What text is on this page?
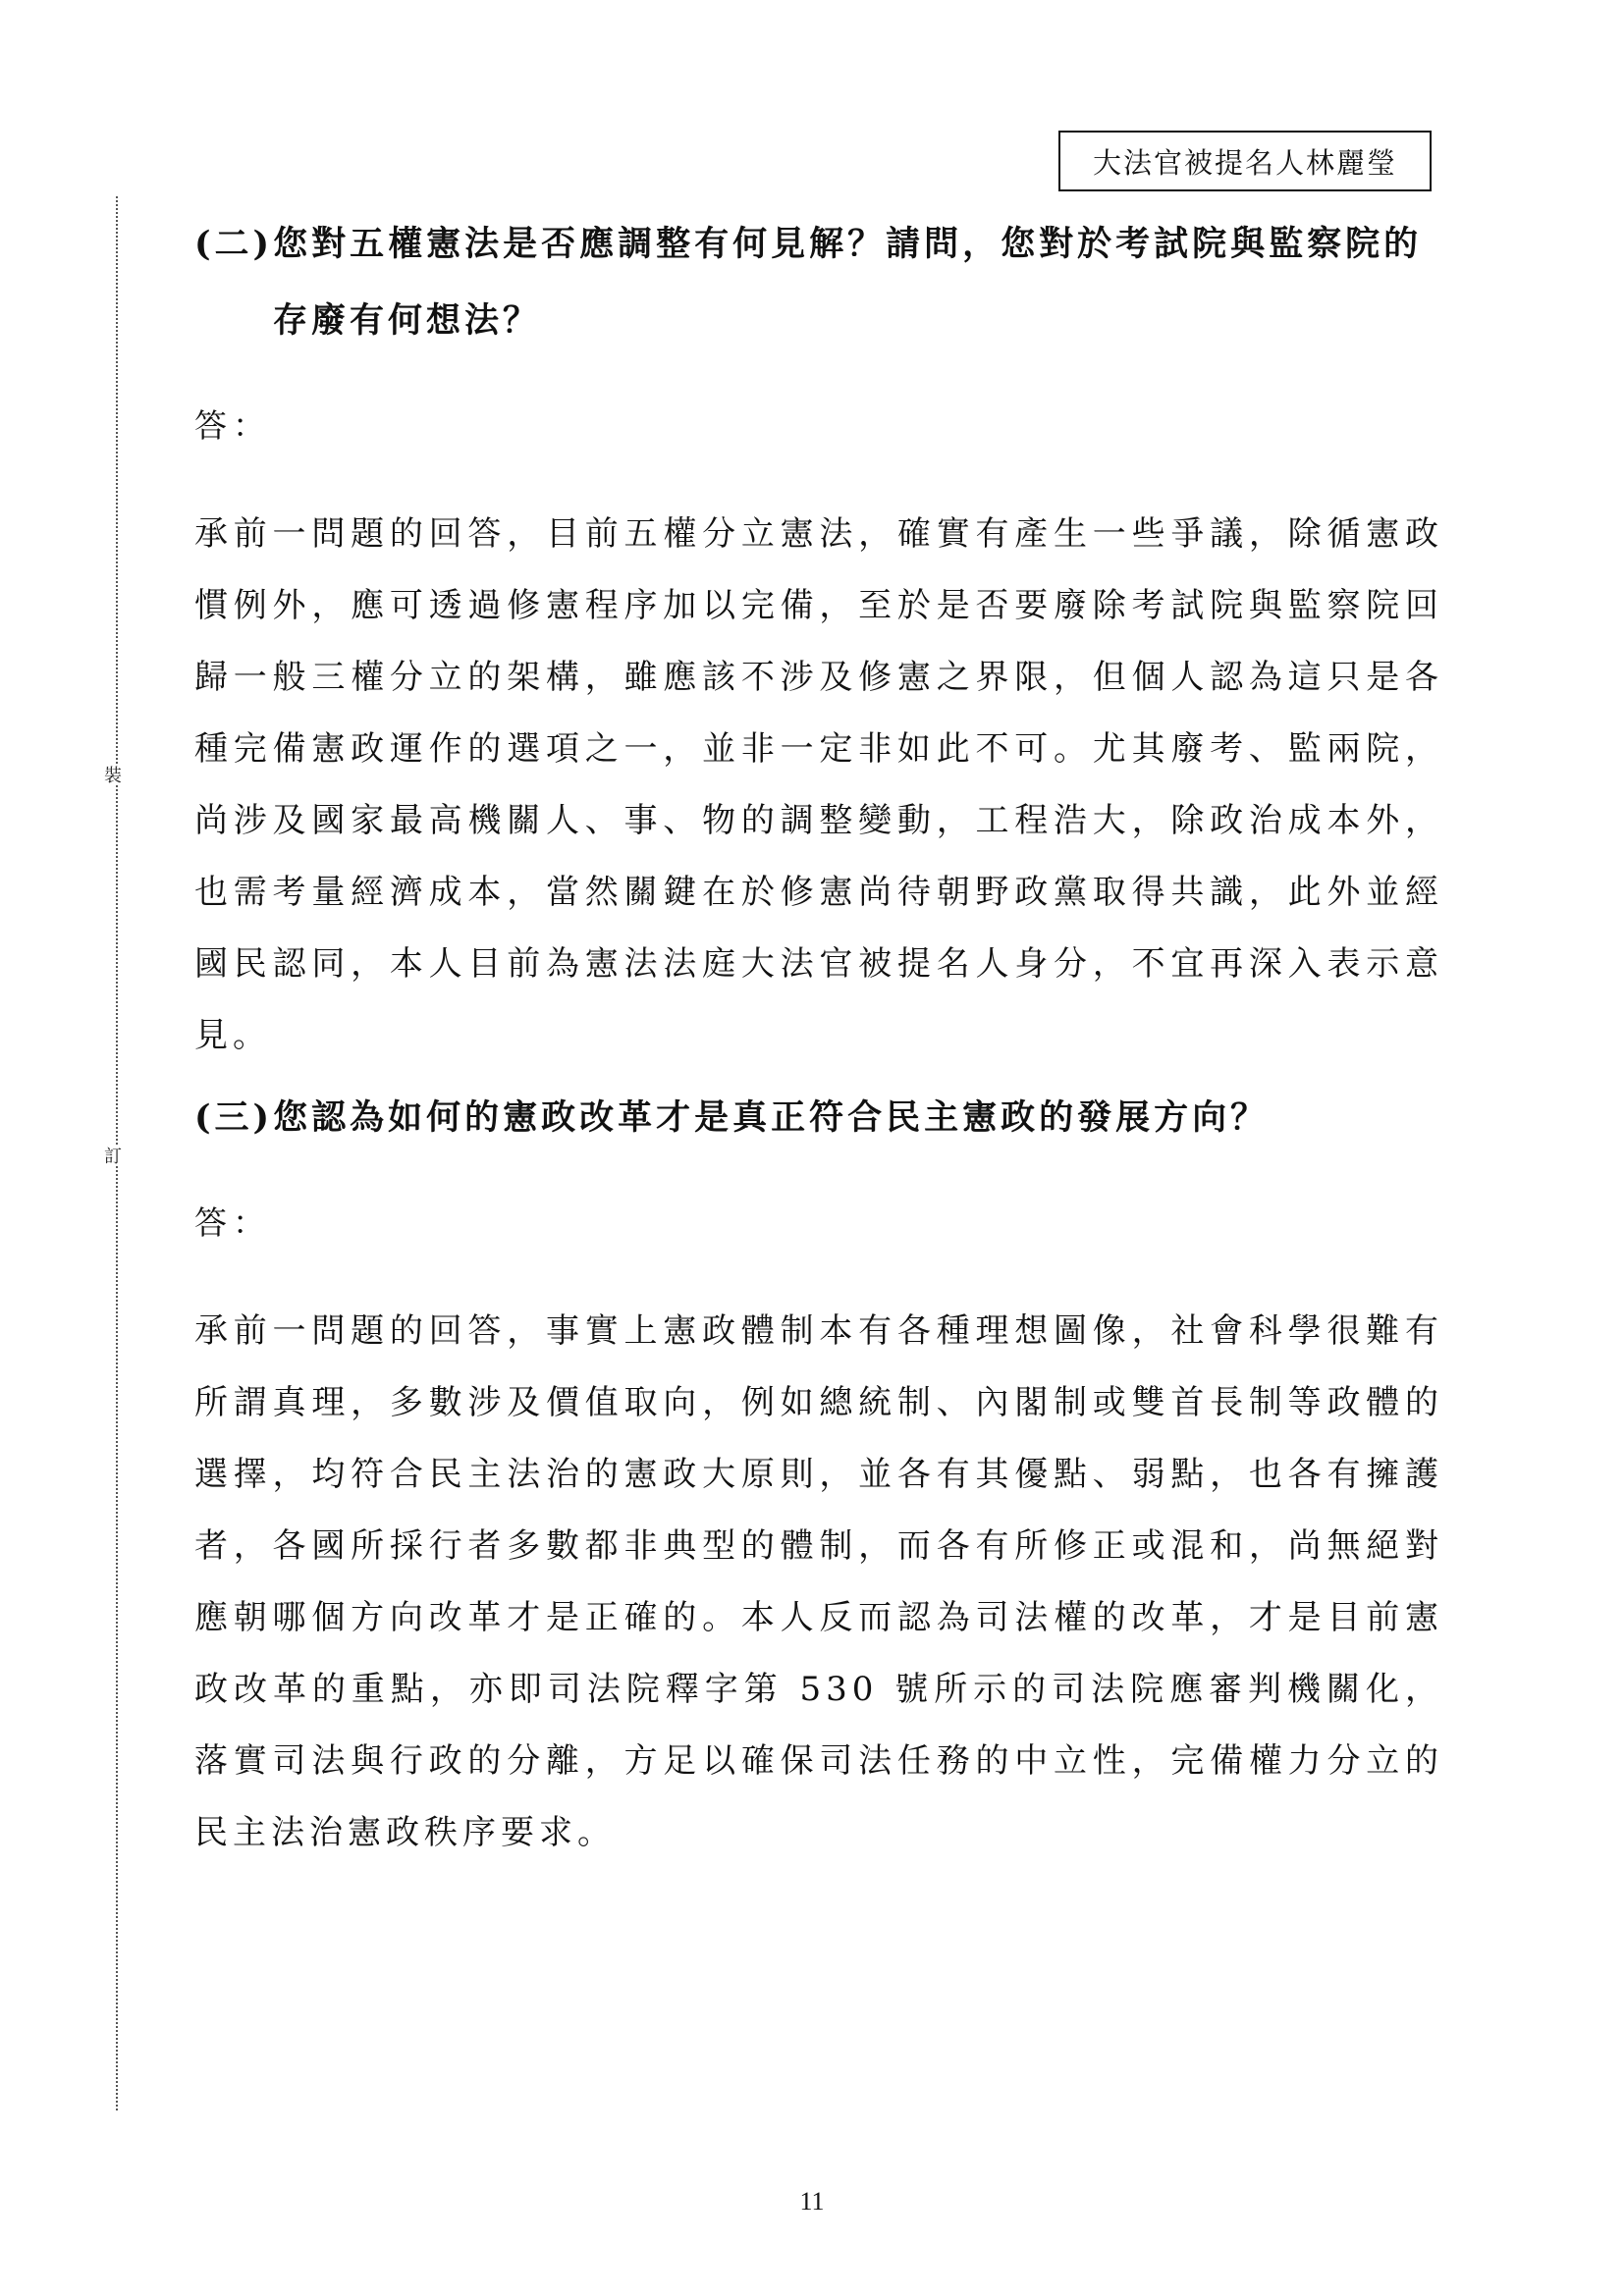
裝
訂
大法官被提名人林麗瑩

(二)您對五權憲法是否應調整有何見解？請問，您對於考試院與監察院的存廢有何想法？

答：

承前一問題的回答，目前五權分立憲法，確實有產生一些爭議，除循憲政慣例外，應可透過修憲程序加以完備，至於是否要廢除考試院與監察院回歸一般三權分立的架構，雖應該不涉及修憲之界限，但個人認為這只是各種完備憲政運作的選項之一，並非一定非如此不可。尤其廢考、監兩院，尚涉及國家最高機關人、事、物的調整變動，工程浩大，除政治成本外，也需考量經濟成本，當然關鍵在於修憲尚待朝野政黨取得共識，此外並經國民認同，本人目前為憲法法庭大法官被提名人身分，不宜再深入表示意見。

(三)您認為如何的憲政改革才是真正符合民主憲政的發展方向？

答：

承前一問題的回答，事實上憲政體制本有各種理想圖像，社會科學很難有所謂真理，多數涉及價值取向，例如總統制、內閣制或雙首長制等政體的選擇，均符合民主法治的憲政大原則，並各有其優點、弱點，也各有擁護者，各國所採行者多數都非典型的體制，而各有所修正或混和，尚無絕對應朝哪個方向改革才是正確的。本人反而認為司法權的改革，才是目前憲政改革的重點，亦即司法院釋字第 530 號所示的司法院應審判機關化，落實司法與行政的分離，方足以確保司法任務的中立性，完備權力分立的民主法治憲政秩序要求。

11
